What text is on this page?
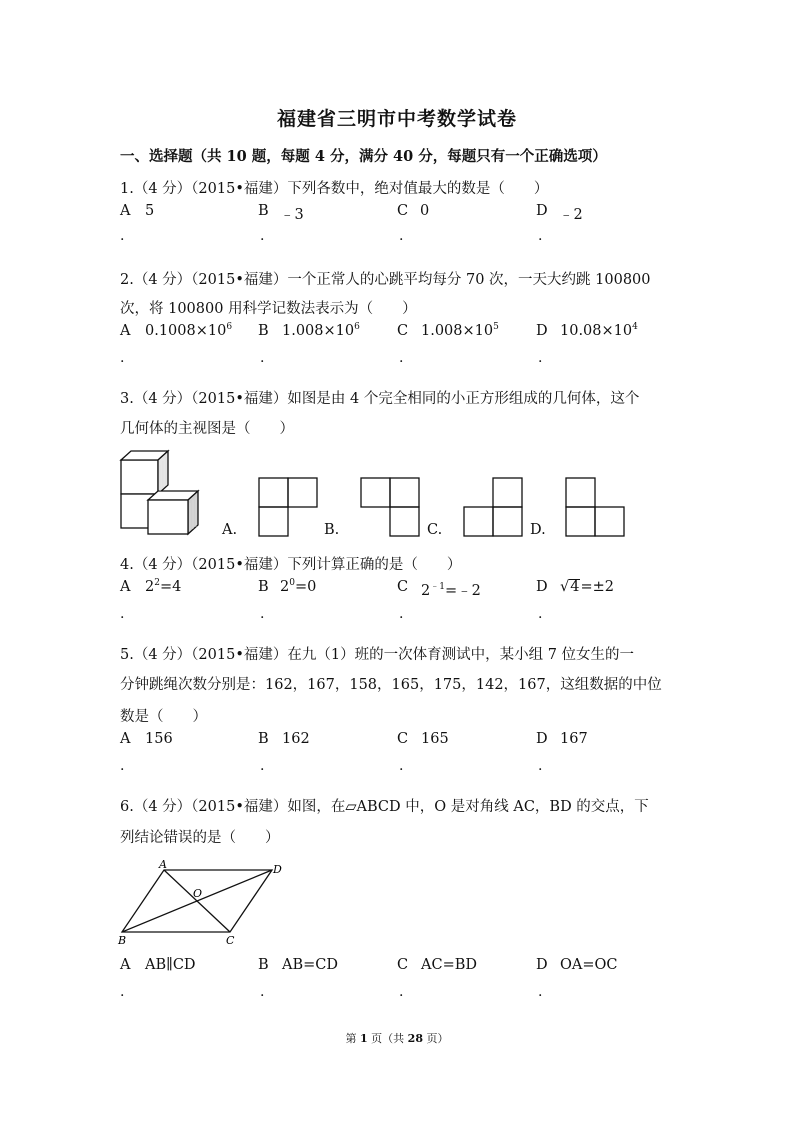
福建省三明市中考数学试卷
一、选择题（共 10 题，每题 4 分，满分 40 分，每题只有一个正确选项）
1.（4 分）（2015•福建）下列各数中，绝对值最大的数是（　　）
A 5	B ﹣3	C 0	D ﹣2
.	.	.	.
2.（4 分）（2015•福建）一个正常人的心跳平均每分 70 次，一天大约跳 100800
次，将 100800 用科学记数法表示为（　　）
A $0.1008\times 10^6$ B $1.008\times 10^6$	C $1.008\times 10^5$	D $10.08\times 10^4$
.	.	.	.
3.（4 分）（2015•福建）如图是由 4 个完全相同的小正方形组成的几何体，这个
几何体的主视图是（　　）
A.	B.	C.	D.
4.（4 分）（2015•福建）下列计算正确的是（　　）
A $2^2=4$	B $2^0=0$	C $2^{﹣1}=﹣2$	D √4=±2
.	.	.	.
5.（4 分）（2015•福建）在九（1）班的一次体育测试中，某小组 7 位女生的一
分钟跳绳次数分别是：162，167，158，165，175，142，167，这组数据的中位
数是（　　）
A 156	B 162	C 165	D 167
.	.	.	.
6.（4 分）（2015•福建）如图，在▱ABCD 中，O 是对角线 AC，BD 的交点，下
列结论错误的是（　　）
A
B	C
D
O
A AB∥CD	B AB=CD	C AC=BD	D OA=OC
.	.	.	.
第 1 页（共 28 页）
